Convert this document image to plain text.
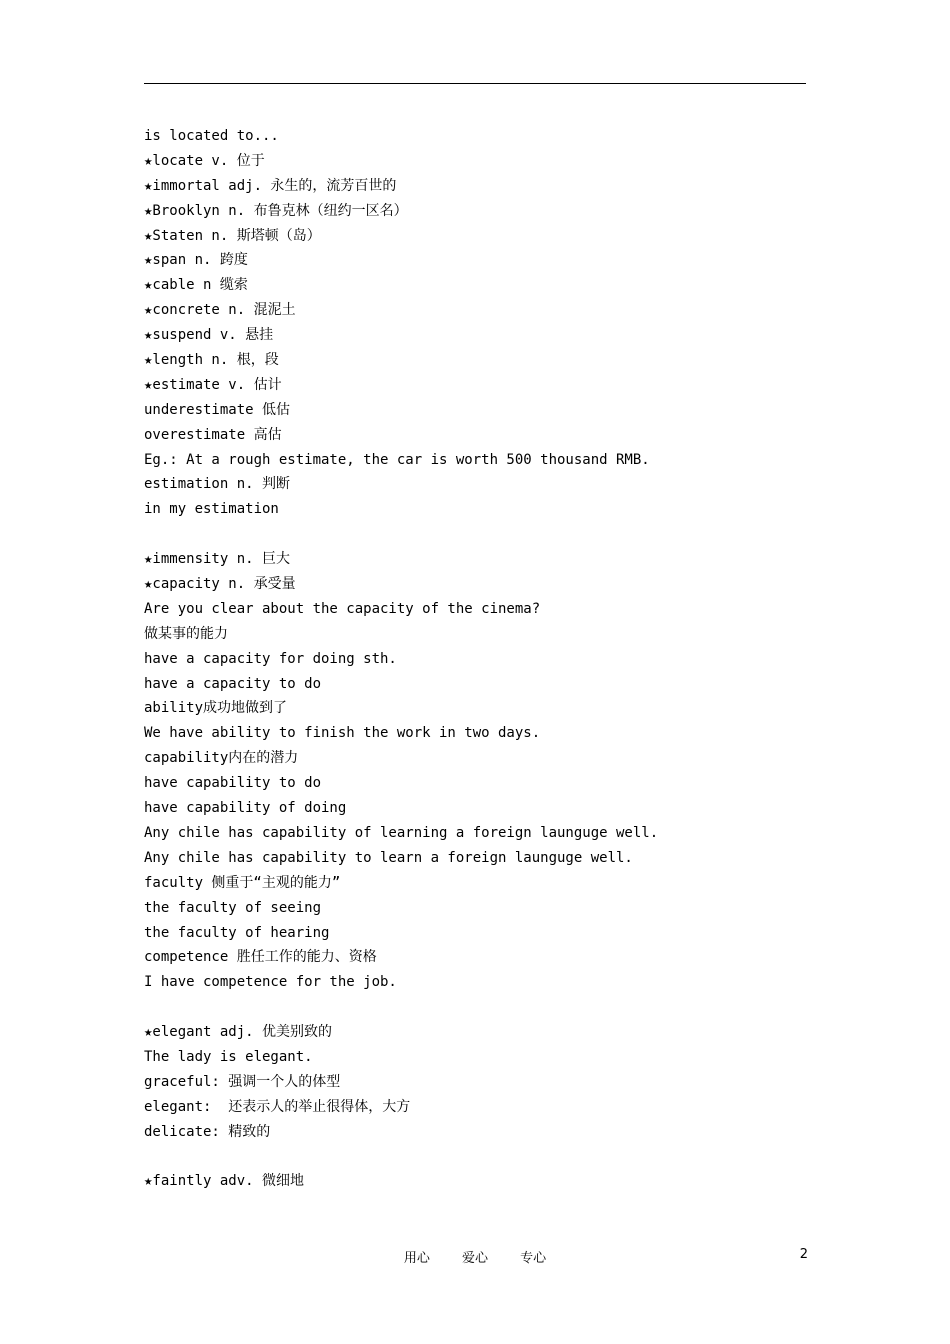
is located to...
★locate v. 位于
★immortal adj. 永生的，流芳百世的
★Brooklyn n. 布鲁克林（纽约一区名）
★Staten n. 斯塔顿（岛）
★span n. 跨度
★cable n 缆索
★concrete n. 混泥土
★suspend v. 悬挂
★length n. 根，段
★estimate v. 估计
underestimate 低估
overestimate 高估
Eg.: At a rough estimate, the car is worth 500 thousand RMB.
estimation n. 判断
in my estimation
★immensity n. 巨大
★capacity n. 承受量
Are you clear about the capacity of the cinema?
做某事的能力
have a capacity for doing sth.
have a capacity to do
ability成功地做到了
We have ability to finish the work in two days.
capability内在的潜力
have capability to do
have capability of doing
Any chile has capability of learning a foreign launguge well.
Any chile has capability to learn a foreign launguge well.
faculty 侧重于“主观的能力”
the faculty of seeing
the faculty of hearing
competence 胜任工作的能力、资格
I have competence for the job.
★elegant adj. 优美别致的
The lady is elegant.
graceful: 强调一个人的体型
elegant:  还表示人的举止很得体，大方
delicate: 精致的
★faintly adv. 微细地
用心 爱心 专心	2
